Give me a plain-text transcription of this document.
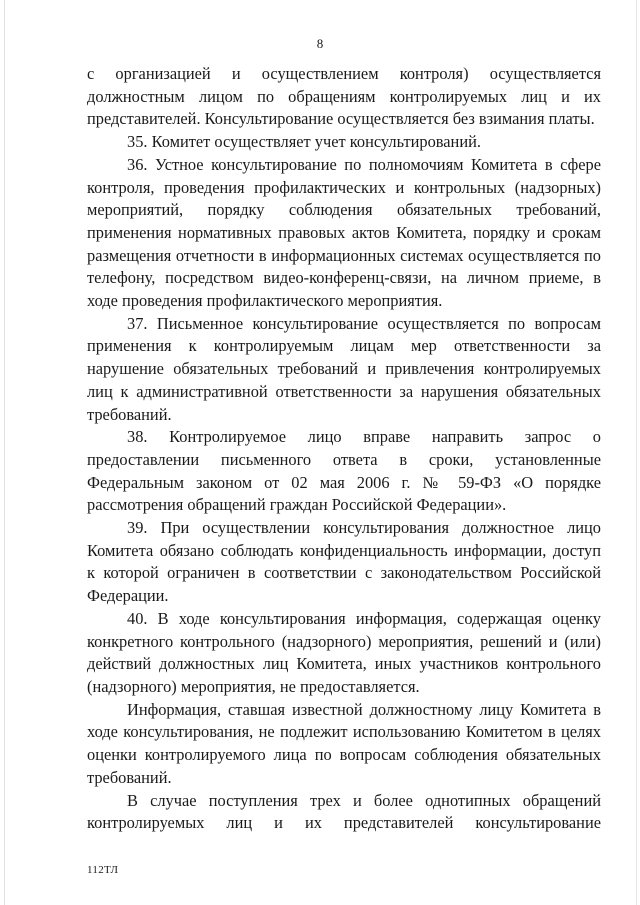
8

с организацией и осуществлением контроля) осуществляется должностным лицом по обращениям контролируемых лиц и их представителей. Консультирование осуществляется без взимания платы.

35. Комитет осуществляет учет консультирований.

36. Устное консультирование по полномочиям Комитета в сфере контроля, проведения профилактических и контрольных (надзорных) мероприятий, порядку соблюдения обязательных требований, применения нормативных правовых актов Комитета, порядку и срокам размещения отчетности в информационных системах осуществляется по телефону, посредством видео-конференц-связи, на личном приеме, в ходе проведения профилактического мероприятия.

37. Письменное консультирование осуществляется по вопросам применения к контролируемым лицам мер ответственности за нарушение обязательных требований и привлечения контролируемых лиц к административной ответственности за нарушения обязательных требований.

38. Контролируемое лицо вправе направить запрос о предоставлении письменного ответа в сроки, установленные Федеральным законом от 02 мая 2006 г. № 59-ФЗ «О порядке рассмотрения обращений граждан Российской Федерации».

39. При осуществлении консультирования должностное лицо Комитета обязано соблюдать конфиденциальность информации, доступ к которой ограничен в соответствии с законодательством Российской Федерации.

40. В ходе консультирования информация, содержащая оценку конкретного контрольного (надзорного) мероприятия, решений и (или) действий должностных лиц Комитета, иных участников контрольного (надзорного) мероприятия, не предоставляется.

Информация, ставшая известной должностному лицу Комитета в ходе консультирования, не подлежит использованию Комитетом в целях оценки контролируемого лица по вопросам соблюдения обязательных требований.

В случае поступления трех и более однотипных обращений контролируемых лиц и их представителей консультирование

112ТЛ
